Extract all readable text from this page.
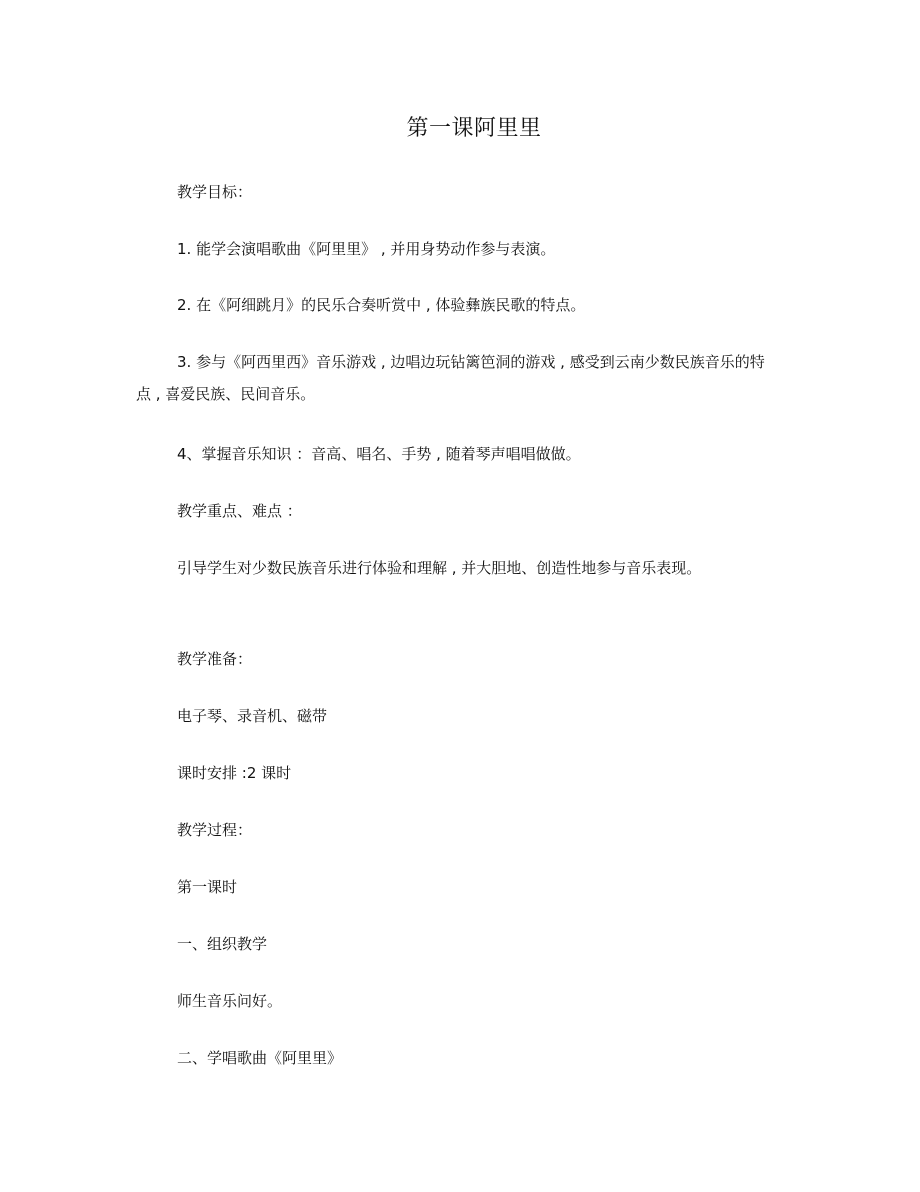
第一课阿里里

教学目标：

1. 能学会演唱歌曲《阿里里》 , 并用身势动作参与表演。

2. 在《阿细跳月》的民乐合奏听赏中 , 体验彝族民歌的特点。

3. 参与《阿西里西》音乐游戏 , 边唱边玩钻篱笆洞的游戏 , 感受到云南少数民族音乐的特点 , 喜爱民族、民间音乐。

4、掌握音乐知识 ：音高、唱名、手势 , 随着琴声唱唱做做。

教学重点、难点 ：

引导学生对少数民族音乐进行体验和理解 , 并大胆地、创造性地参与音乐表现。

教学准备：

电子琴、录音机、磁带

课时安排 :2 课时

教学过程：

第一课时

一、组织教学

师生音乐问好。

二、学唱歌曲《阿里里》
